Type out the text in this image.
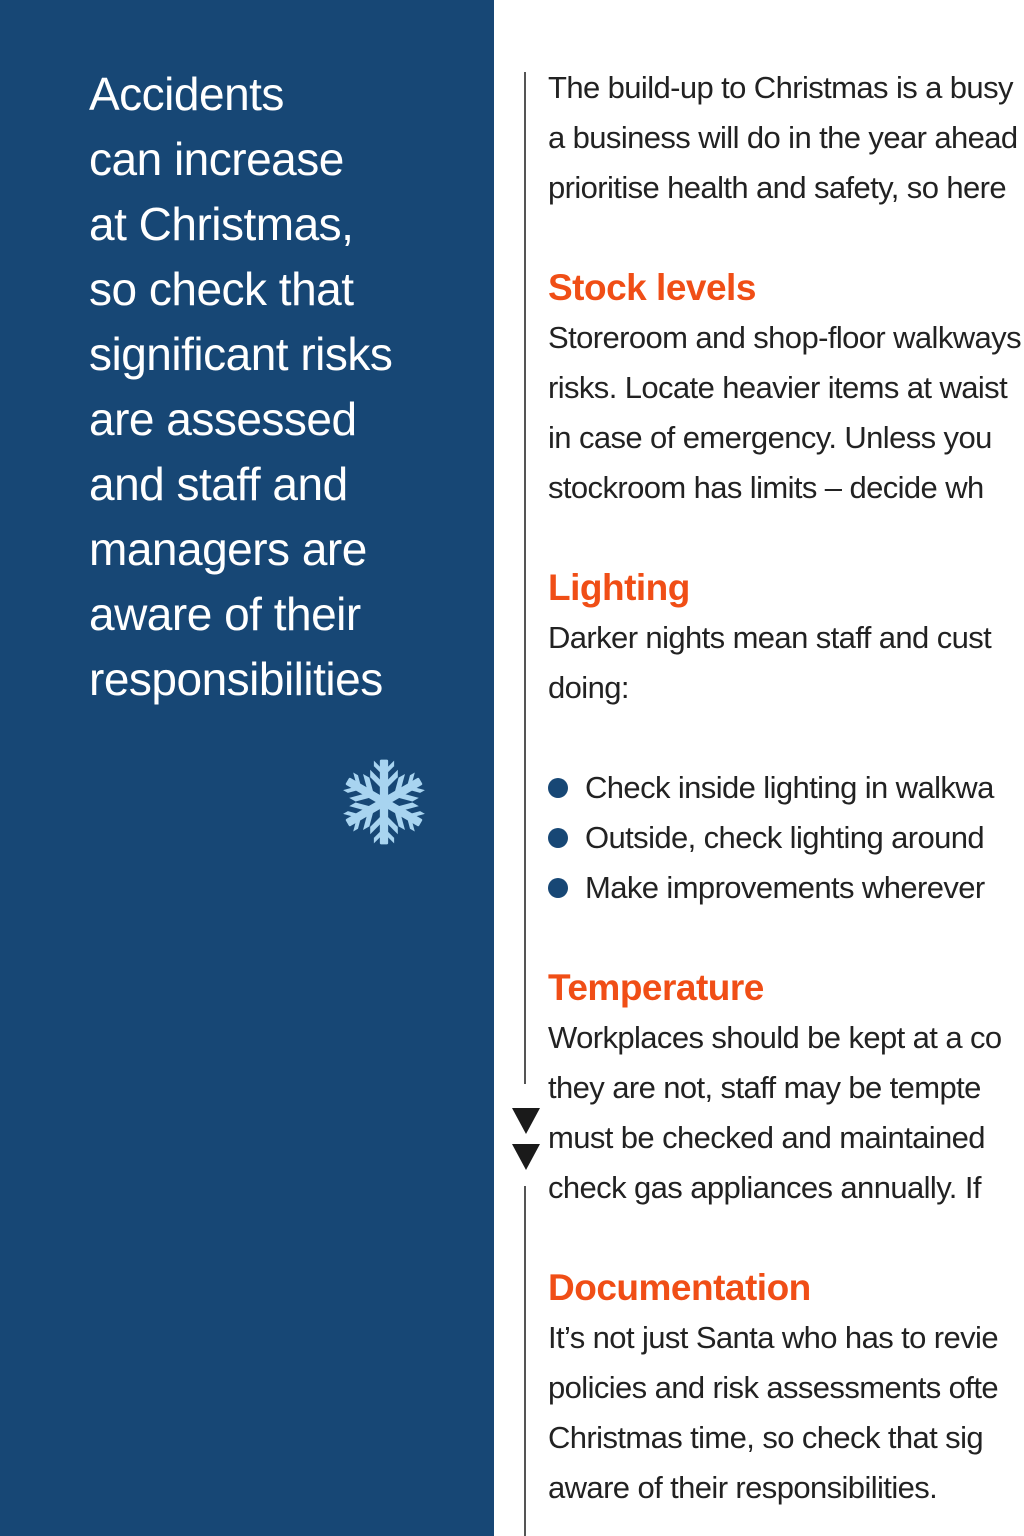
Accidents
can increase
at Christmas,
so check that
significant risks
are assessed
and staff and
managers are
aware of their
responsibilities

The build-up to Christmas is a busy
a business will do in the year ahead
prioritise health and safety, so here
Stock levels
Storeroom and shop-floor walkways
risks. Locate heavier items at waist
in case of emergency. Unless you
stockroom has limits – decide wh
Lighting
Darker nights mean staff and cust
doing:
Check inside lighting in walkwa
Outside, check lighting around
Make improvements wherever
Temperature
Workplaces should be kept at a co
they are not, staff may be tempte
must be checked and maintained
check gas appliances annually. If
Documentation
It’s not just Santa who has to revie
policies and risk assessments ofte
Christmas time, so check that sig
aware of their responsibilities.
